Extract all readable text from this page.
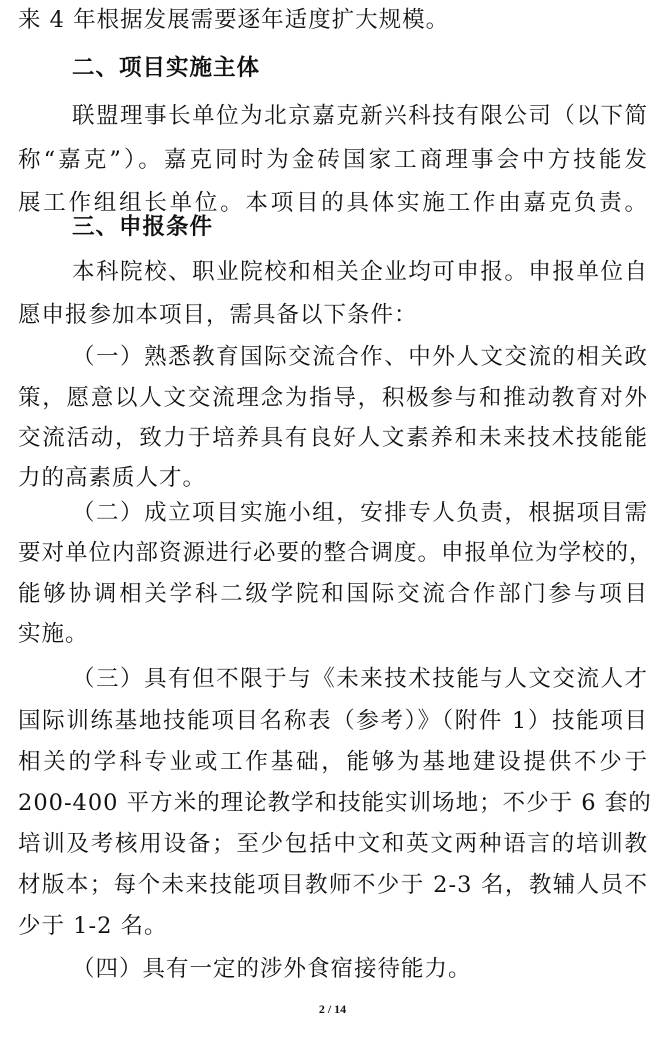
来 4 年根据发展需要逐年适度扩大规模。
二、项目实施主体
联盟理事长单位为北京嘉克新兴科技有限公司（以下简
称“嘉克”）。嘉克同时为金砖国家工商理事会中方技能发
展工作组组长单位。本项目的具体实施工作由嘉克负责。
三、申报条件
本科院校、职业院校和相关企业均可申报。申报单位自
愿申报参加本项目，需具备以下条件：
（一）熟悉教育国际交流合作、中外人文交流的相关政
策，愿意以人文交流理念为指导，积极参与和推动教育对外
交流活动，致力于培养具有良好人文素养和未来技术技能能
力的高素质人才。
（二）成立项目实施小组，安排专人负责，根据项目需
要对单位内部资源进行必要的整合调度。申报单位为学校的，
能够协调相关学科二级学院和国际交流合作部门参与项目
实施。
（三）具有但不限于与《未来技术技能与人文交流人才
国际训练基地技能项目名称表（参考）》（附件 1）技能项目
相关的学科专业或工作基础，能够为基地建设提供不少于
200-400 平方米的理论教学和技能实训场地；不少于 6 套的
培训及考核用设备；至少包括中文和英文两种语言的培训教
材版本；每个未来技能项目教师不少于 2-3 名，教辅人员不
少于 1-2 名。
（四）具有一定的涉外食宿接待能力。
2 / 14
